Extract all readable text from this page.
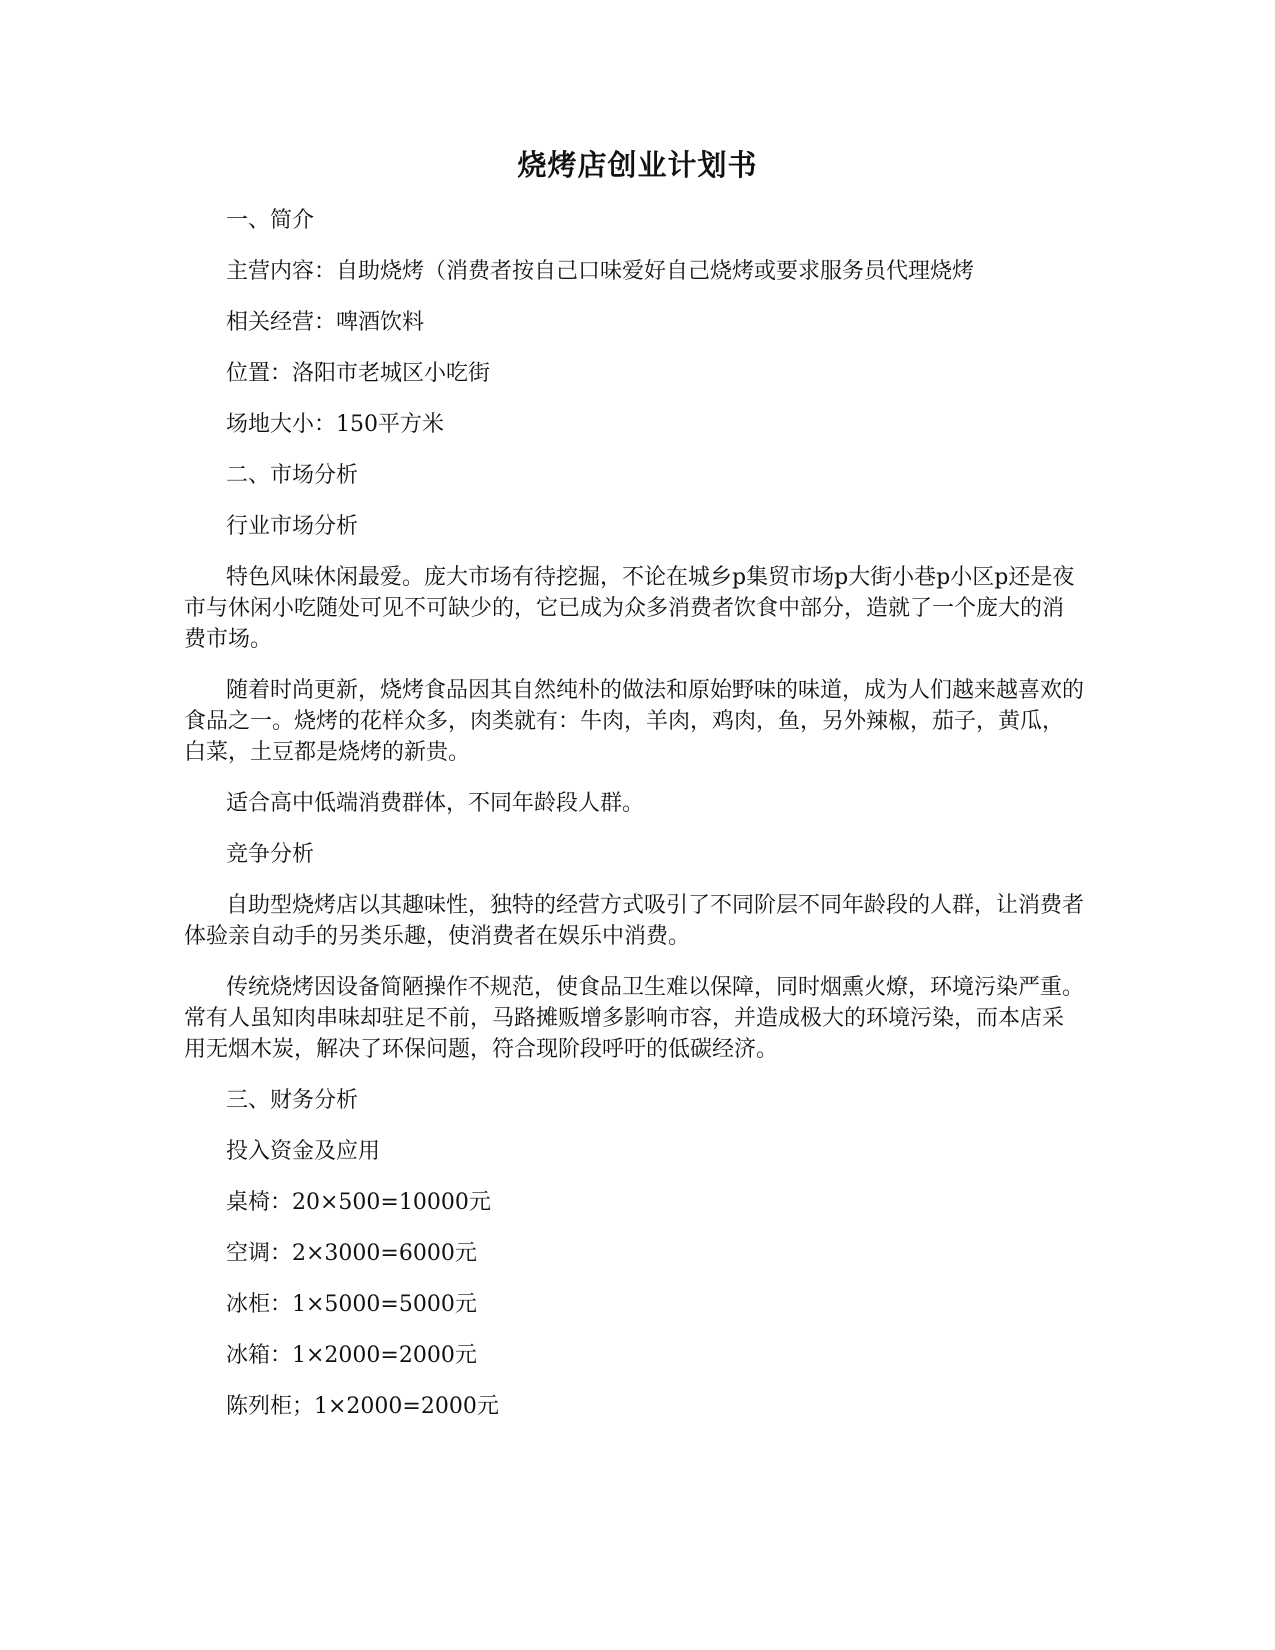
烧烤店创业计划书

一、简介

主营内容：自助烧烤（消费者按自己口味爱好自己烧烤或要求服务员代理烧烤

相关经营：啤酒饮料

位置：洛阳市老城区小吃街

场地大小：150平方米

二、市场分析

行业市场分析

特色风味休闲最爱。庞大市场有待挖掘，不论在城乡p集贸市场p大街小巷p小区p还是夜市与休闲小吃随处可见不可缺少的，它已成为众多消费者饮食中部分，造就了一个庞大的消费市场。

随着时尚更新，烧烤食品因其自然纯朴的做法和原始野味的味道，成为人们越来越喜欢的食品之一。烧烤的花样众多，肉类就有：牛肉，羊肉，鸡肉，鱼，另外辣椒，茄子，黄瓜，白菜，土豆都是烧烤的新贵。

适合高中低端消费群体，不同年龄段人群。

竞争分析

自助型烧烤店以其趣味性，独特的经营方式吸引了不同阶层不同年龄段的人群，让消费者体验亲自动手的另类乐趣，使消费者在娱乐中消费。

传统烧烤因设备简陋操作不规范，使食品卫生难以保障，同时烟熏火燎，环境污染严重。常有人虽知肉串味却驻足不前，马路摊贩增多影响市容，并造成极大的环境污染，而本店采用无烟木炭，解决了环保问题，符合现阶段呼吁的低碳经济。

三、财务分析

投入资金及应用

桌椅：20×500=10000元

空调：2×3000=6000元

冰柜：1×5000=5000元

冰箱：1×2000=2000元

陈列柜；1×2000=2000元
